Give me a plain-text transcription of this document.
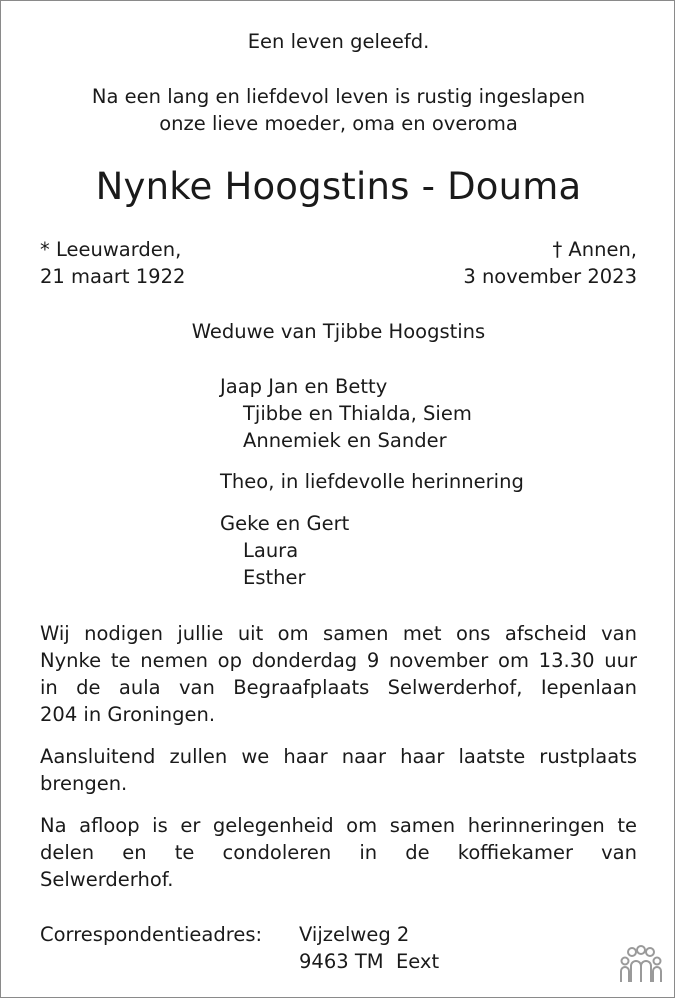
Een leven geleefd.
Na een lang en liefdevol leven is rustig ingeslapen
onze lieve moeder, oma en overoma
Nynke Hoogstins - Douma
* Leeuwarden,
21 maart 1922
† Annen,
3 november 2023
Weduwe van Tjibbe Hoogstins
Jaap Jan en Betty
Tjibbe en Thialda, Siem
Annemiek en Sander
Theo, in liefdevolle herinnering
Geke en Gert
Laura
Esther
Wij nodigen jullie uit om samen met ons afscheid van
Nynke te nemen op donderdag 9 november om 13.30 uur
in de aula van Begraafplaats Selwerderhof, Iepenlaan
204 in Groningen.
Aansluitend zullen we haar naar haar laatste rustplaats
brengen.
Na afloop is er gelegenheid om samen herinneringen te
delen en te condoleren in de koffiekamer van
Selwerderhof.
Correspondentieadres: Vijzelweg 2
9463 TM  Eext
